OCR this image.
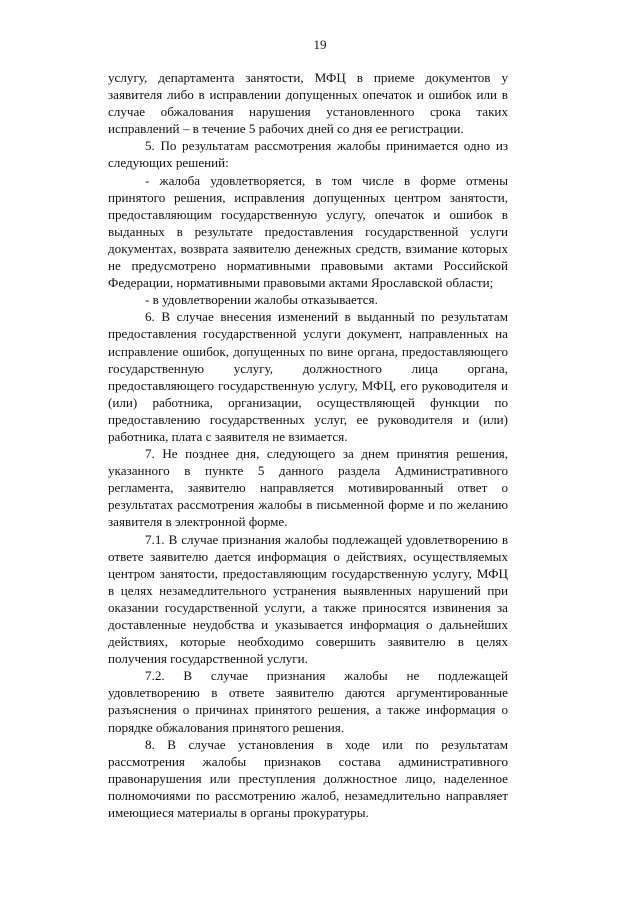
19

услугу, департамента занятости, МФЦ в приеме документов у заявителя либо в исправлении допущенных опечаток и ошибок или в случае обжалования нарушения установленного срока таких исправлений – в течение 5 рабочих дней со дня ее регистрации.

5. По результатам рассмотрения жалобы принимается одно из следующих решений:

- жалоба удовлетворяется, в том числе в форме отмены принятого решения, исправления допущенных центром занятости, предоставляющим государственную услугу, опечаток и ошибок в выданных в результате предоставления государственной услуги документах, возврата заявителю денежных средств, взимание которых не предусмотрено нормативными правовыми актами Российской Федерации, нормативными правовыми актами Ярославской области;

- в удовлетворении жалобы отказывается.

6. В случае внесения изменений в выданный по результатам предоставления государственной услуги документ, направленных на исправление ошибок, допущенных по вине органа, предоставляющего государственную услугу, должностного лица органа, предоставляющего государственную услугу, МФЦ, его руководителя и (или) работника, организации, осуществляющей функции по предоставлению государственных услуг, ее руководителя и (или) работника, плата с заявителя не взимается.

7. Не позднее дня, следующего за днем принятия решения, указанного в пункте 5 данного раздела Административного регламента, заявителю направляется мотивированный ответ о результатах рассмотрения жалобы в письменной форме и по желанию заявителя в электронной форме.

7.1. В случае признания жалобы подлежащей удовлетворению в ответе заявителю дается информация о действиях, осуществляемых центром занятости, предоставляющим государственную услугу, МФЦ в целях незамедлительного устранения выявленных нарушений при оказании государственной услуги, а также приносятся извинения за доставленные неудобства и указывается информация о дальнейших действиях, которые необходимо совершить заявителю в целях получения государственной услуги.

7.2. В случае признания жалобы не подлежащей удовлетворению в ответе заявителю даются аргументированные разъяснения о причинах принятого решения, а также информация о порядке обжалования принятого решения.

8. В случае установления в ходе или по результатам рассмотрения жалобы признаков состава административного правонарушения или преступления должностное лицо, наделенное полномочиями по рассмотрению жалоб, незамедлительно направляет имеющиеся материалы в органы прокуратуры.
